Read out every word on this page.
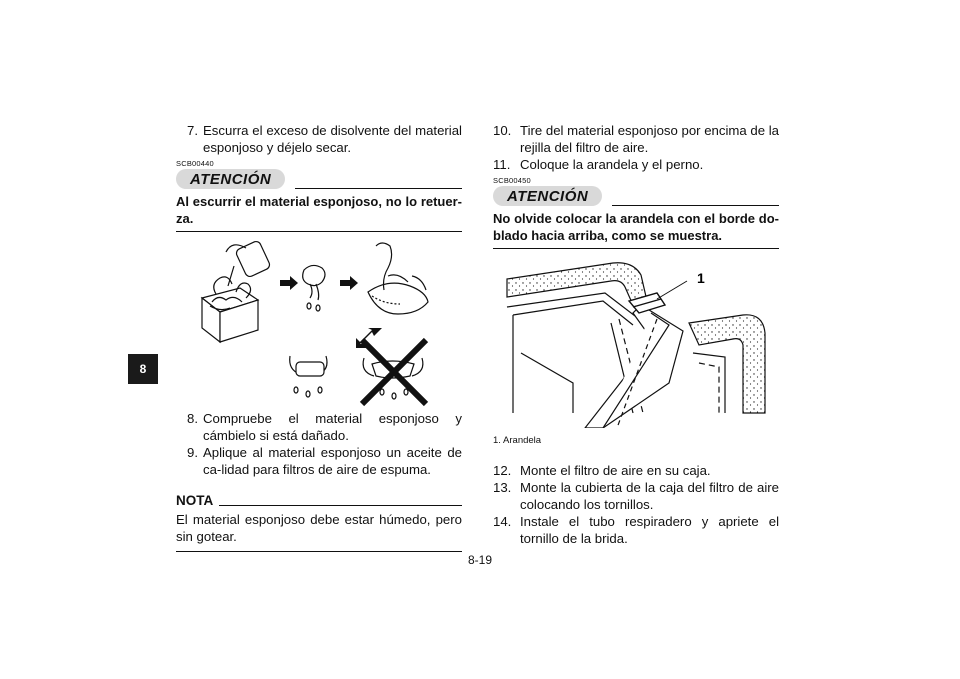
8

7. Escurra el exceso de disolvente del material esponjoso y déjelo secar.

SCB00440
ATENCIÓN
Al escurrir el material esponjoso, no lo retuer-za.

8. Compruebe el material esponjoso y cámbielo si está dañado.

9. Aplique al material esponjoso un aceite de ca-lidad para filtros de aire de espuma.

NOTA
El material esponjoso debe estar húmedo, pero sin gotear.

10. Tire del material esponjoso por encima de la rejilla del filtro de aire.

11. Coloque la arandela y el perno.

SCB00450
ATENCIÓN
No olvide colocar la arandela con el borde do-blado hacia arriba, como se muestra.
1

1. Arandela

12. Monte el filtro de aire en su caja.

13. Monte la cubierta de la caja del filtro de aire colocando los tornillos.

14. Instale el tubo respiradero y apriete el tornillo de la brida.

8-19
